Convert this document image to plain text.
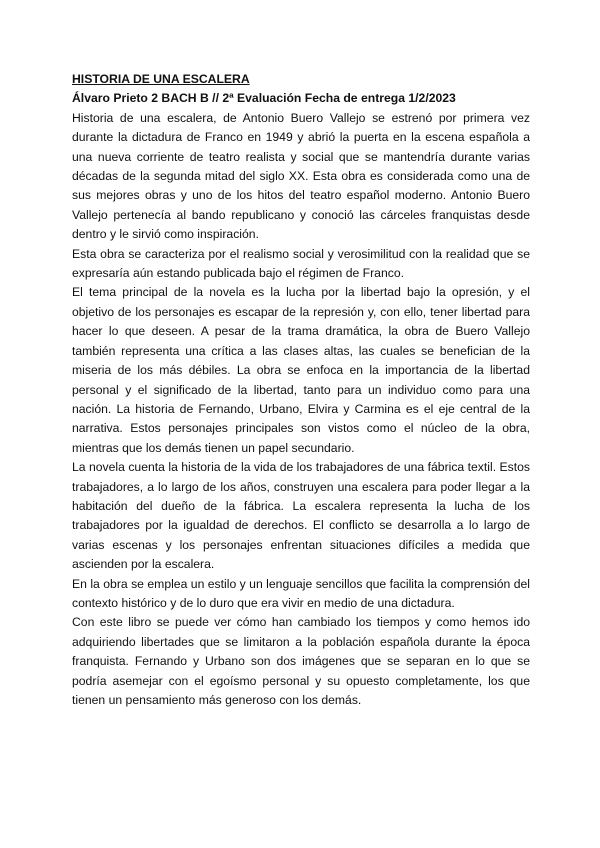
HISTORIA DE UNA ESCALERA

Álvaro Prieto 2 BACH B // 2ª Evaluación Fecha de entrega 1/2/2023

Historia de una escalera, de Antonio Buero Vallejo se estrenó por primera vez durante la dictadura de Franco en 1949 y abrió la puerta en la escena española a una nueva corriente de teatro realista y social que se mantendría durante varias décadas de la segunda mitad del siglo XX. Esta obra es considerada como una de sus mejores obras y uno de los hitos del teatro español moderno. Antonio Buero Vallejo pertenecía al bando republicano y conoció las cárceles franquistas desde dentro y le sirvió como inspiración.

Esta obra se caracteriza por el realismo social y verosimilitud con la realidad que se expresaría aún estando publicada bajo el régimen de Franco.

El tema principal de la novela es la lucha por la libertad bajo la opresión, y el objetivo de los personajes es escapar de la represión y, con ello, tener libertad para hacer lo que deseen. A pesar de la trama dramática, la obra de Buero Vallejo también representa una crítica a las clases altas, las cuales se benefician de la miseria de los más débiles. La obra se enfoca en la importancia de la libertad personal y el significado de la libertad, tanto para un individuo como para una nación. La historia de Fernando, Urbano, Elvira y Carmina es el eje central de la narrativa. Estos personajes principales son vistos como el núcleo de la obra, mientras que los demás tienen un papel secundario.

La novela cuenta la historia de la vida de los trabajadores de una fábrica textil. Estos trabajadores, a lo largo de los años, construyen una escalera para poder llegar a la habitación del dueño de la fábrica. La escalera representa la lucha de los trabajadores por la igualdad de derechos. El conflicto se desarrolla a lo largo de varias escenas y los personajes enfrentan situaciones difíciles a medida que ascienden por la escalera.

En la obra se emplea un estilo y un lenguaje sencillos que facilita la comprensión del contexto histórico y de lo duro que era vivir en medio de una dictadura.

Con este libro se puede ver cómo han cambiado los tiempos y como hemos ido adquiriendo libertades que se limitaron a la población española durante la época franquista. Fernando y Urbano son dos imágenes que se separan en lo que se podría asemejar con el egoísmo personal y su opuesto completamente, los que tienen un pensamiento más generoso con los demás.
